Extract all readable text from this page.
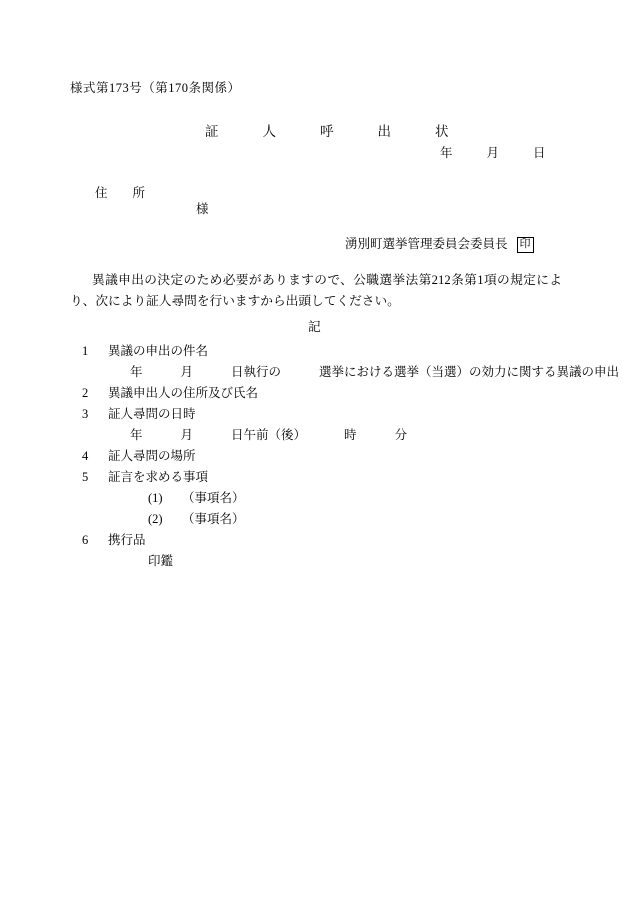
様式第173号（第170条関係）
証	人	呼	出	状
年	月	日
住　　所
様
湧別町選挙管理委員会委員長 印
異議申出の決定のため必要がありますので、公職選挙法第212条第1項の規定により、次により証人尋問を行いますから出頭してください。
記
1 異議の申出の件名
年	月	日執行の	選挙における選挙（当選）の効力に関する異議の申出
2 異議申出人の住所及び氏名
3 証人尋問の日時
年	月	日午前（後）	時	分
4 証人尋問の場所
5 証言を求める事項
(1) （事項名）
(2) （事項名）
6 携行品
印鑑
